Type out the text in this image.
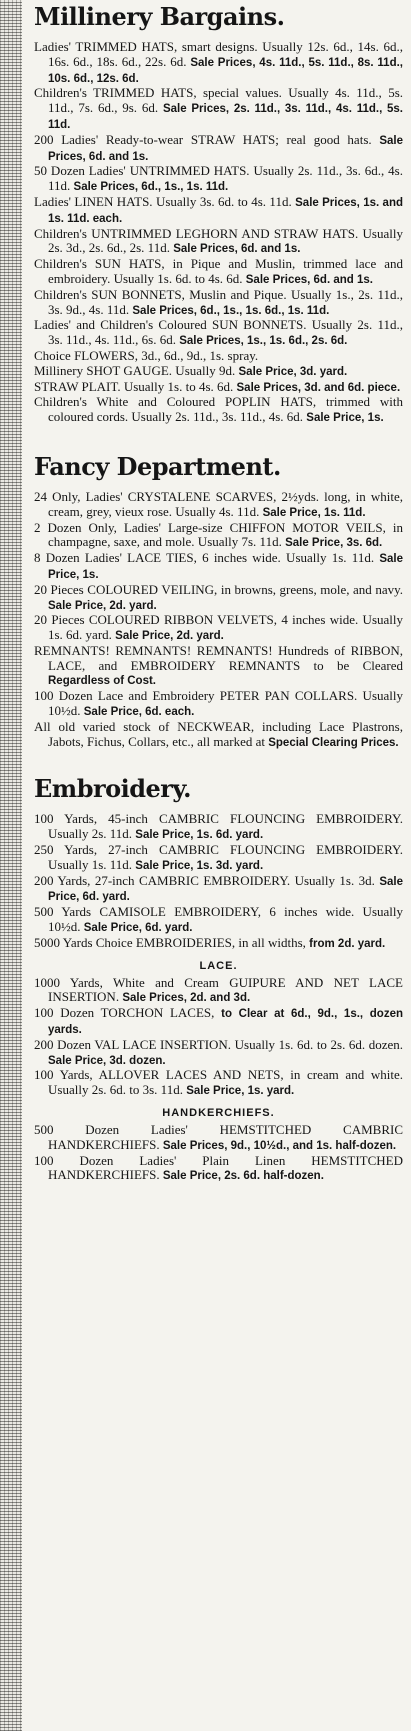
Millinery Bargains.

Ladies' TRIMMED HATS, smart designs. Usually 12s. 6d., 14s. 6d., 16s. 6d., 18s. 6d., 22s. 6d. Sale Prices, 4s. 11d., 5s. 11d., 8s. 11d., 10s. 6d., 12s. 6d.

Children's TRIMMED HATS, special values. Usually 4s. 11d., 5s. 11d., 7s. 6d., 9s. 6d. Sale Prices, 2s. 11d., 3s. 11d., 4s. 11d., 5s. 11d.

200 Ladies' Ready-to-wear STRAW HATS; real good hats. Sale Prices, 6d. and 1s.

50 Dozen Ladies' UNTRIMMED HATS. Usually 2s. 11d., 3s. 6d., 4s. 11d. Sale Prices, 6d., 1s., 1s. 11d.

Ladies' LINEN HATS. Usually 3s. 6d. to 4s. 11d. Sale Prices, 1s. and 1s. 11d. each.

Children's UNTRIMMED LEGHORN AND STRAW HATS. Usually 2s. 3d., 2s. 6d., 2s. 11d. Sale Prices, 6d. and 1s.

Children's SUN HATS, in Pique and Muslin, trimmed lace and embroidery. Usually 1s. 6d. to 4s. 6d. Sale Prices, 6d. and 1s.

Children's SUN BONNETS, Muslin and Pique. Usually 1s., 2s. 11d., 3s. 9d., 4s. 11d. Sale Prices, 6d., 1s., 1s. 6d., 1s. 11d.

Ladies' and Children's Coloured SUN BONNETS. Usually 2s. 11d., 3s. 11d., 4s. 11d., 6s. 6d. Sale Prices, 1s., 1s. 6d., 2s. 6d.

Choice FLOWERS, 3d., 6d., 9d., 1s. spray.

Millinery SHOT GAUGE. Usually 9d. Sale Price, 3d. yard.

STRAW PLAIT. Usually 1s. to 4s. 6d. Sale Prices, 3d. and 6d. piece.

Children's White and Coloured POPLIN HATS, trimmed with coloured cords. Usually 2s. 11d., 3s. 11d., 4s. 6d. Sale Price, 1s.

Fancy Department.

24 Only, Ladies' CRYSTALENE SCARVES, 2½yds. long, in white, cream, grey, vieux rose. Usually 4s. 11d. Sale Price, 1s. 11d.

2 Dozen Only, Ladies' Large-size CHIFFON MOTOR VEILS, in champagne, saxe, and mole. Usually 7s. 11d. Sale Price, 3s. 6d.

8 Dozen Ladies' LACE TIES, 6 inches wide. Usually 1s. 11d. Sale Price, 1s.

20 Pieces COLOURED VEILING, in browns, greens, mole, and navy. Sale Price, 2d. yard.

20 Pieces COLOURED RIBBON VELVETS, 4 inches wide. Usually 1s. 6d. yard. Sale Price, 2d. yard.

REMNANTS! REMNANTS! REMNANTS! Hundreds of RIBBON, LACE, and EMBROIDERY REMNANTS to be Cleared Regardless of Cost.

100 Dozen Lace and Embroidery PETER PAN COLLARS. Usually 10½d. Sale Price, 6d. each.

All old varied stock of NECKWEAR, including Lace Plastrons, Jabots, Fichus, Collars, etc., all marked at Special Clearing Prices.

Embroidery.

100 Yards, 45-inch CAMBRIC FLOUNCING EMBROIDERY. Usually 2s. 11d. Sale Price, 1s. 6d. yard.

250 Yards, 27-inch CAMBRIC FLOUNCING EMBROIDERY. Usually 1s. 11d. Sale Price, 1s. 3d. yard.

200 Yards, 27-inch CAMBRIC EMBROIDERY. Usually 1s. 3d. Sale Price, 6d. yard.

500 Yards CAMISOLE EMBROIDERY, 6 inches wide. Usually 10½d. Sale Price, 6d. yard.

5000 Yards Choice EMBROIDERIES, in all widths, from 2d. yard.

LACE.

1000 Yards, White and Cream GUIPURE AND NET LACE INSERTION. Sale Prices, 2d. and 3d.

100 Dozen TORCHON LACES, to Clear at 6d., 9d., 1s., dozen yards.

200 Dozen VAL LACE INSERTION. Usually 1s. 6d. to 2s. 6d. dozen. Sale Price, 3d. dozen.

100 Yards, ALLOVER LACES AND NETS, in cream and white. Usually 2s. 6d. to 3s. 11d. Sale Price, 1s. yard.

HANDKERCHIEFS.

500 Dozen Ladies' HEMSTITCHED CAMBRIC HANDKERCHIEFS. Sale Prices, 9d., 10½d., and 1s. half-dozen.

100 Dozen Ladies' Plain Linen HEMSTITCHED HANDKERCHIEFS. Sale Price, 2s. 6d. half-dozen.
